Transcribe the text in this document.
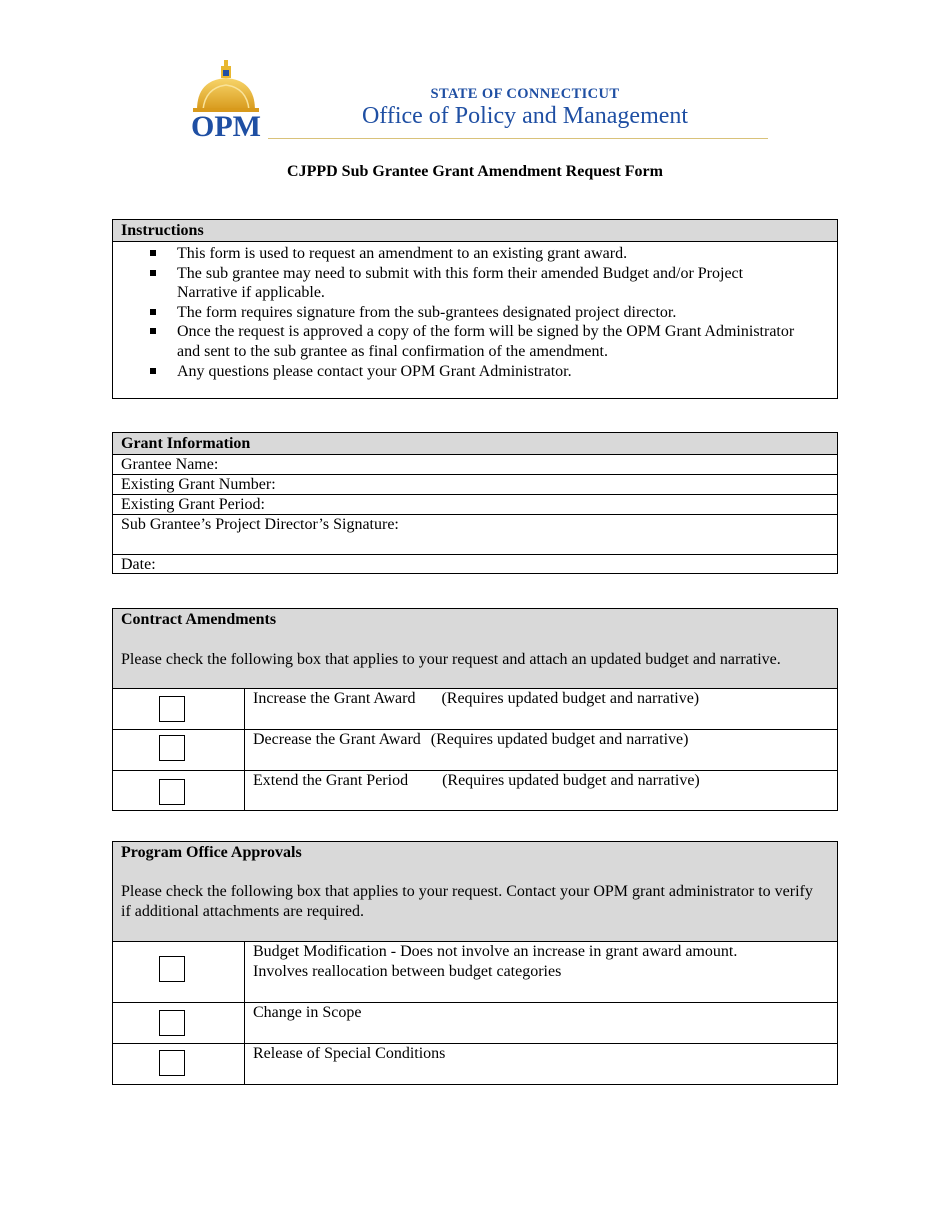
OPM
STATE OF CONNECTICUT
Office of Policy and Management
CJPPD Sub Grantee Grant Amendment Request Form
Instructions
This form is used to request an amendment to an existing grant award.
The sub grantee may need to submit with this form their amended Budget and/or Project Narrative if applicable.
The form requires signature from the sub-grantees designated project director.
Once the request is approved a copy of the form will be signed by the OPM Grant Administrator and sent to the sub grantee as final confirmation of the amendment.
Any questions please contact your OPM Grant Administrator.
Grant Information
Grantee Name:
Existing Grant Number:
Existing Grant Period:
Sub Grantee’s Project Director’s Signature:
Date:
Contract Amendments
Please check the following box that applies to your request and attach an updated budget and narrative.
Increase the Grant Award (Requires updated budget and narrative)
Decrease the Grant Award (Requires updated budget and narrative)
Extend the Grant Period (Requires updated budget and narrative)
Program Office Approvals
Please check the following box that applies to your request. Contact your OPM grant administrator to verify if additional attachments are required.
Budget Modification - Does not involve an increase in grant award amount. Involves reallocation between budget categories
Change in Scope
Release of Special Conditions
